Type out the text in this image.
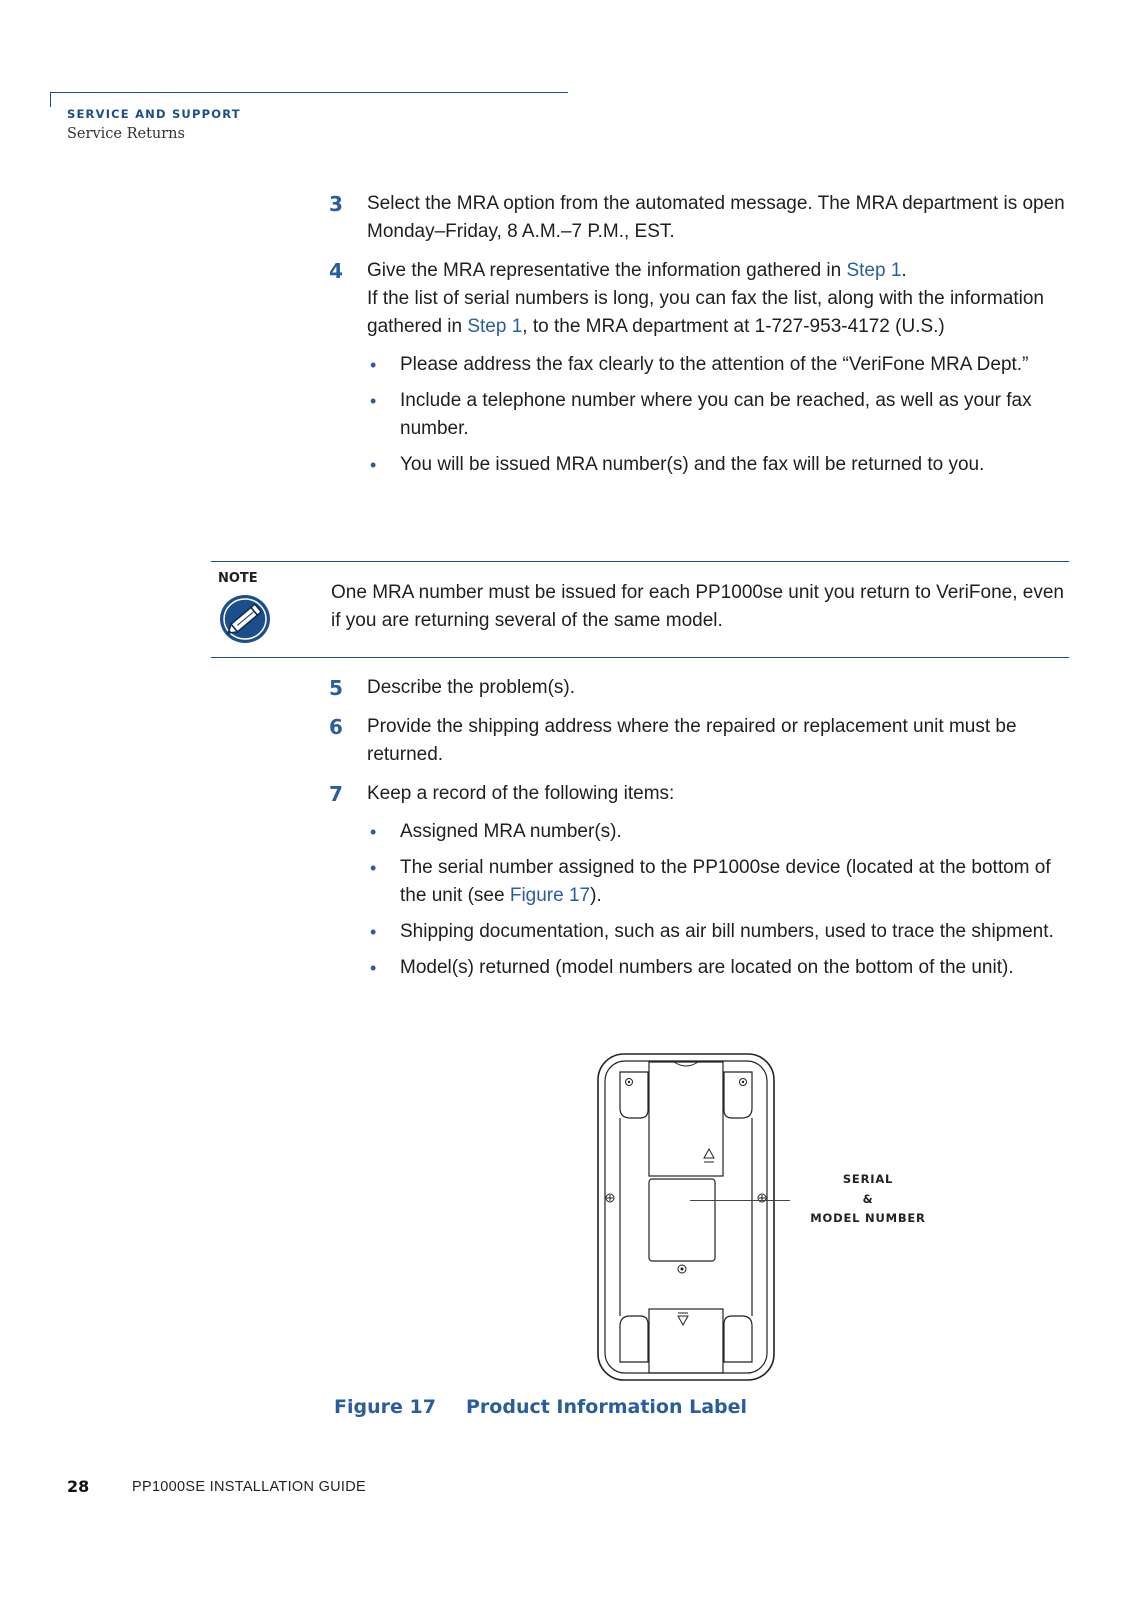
SERVICE AND SUPPORT

Service Returns

3 Select the MRA option from the automated message. The MRA department is open Monday–Friday, 8 A.M.–7 P.M., EST.
4 Give the MRA representative the information gathered in Step 1.
If the list of serial numbers is long, you can fax the list, along with the information gathered in Step 1, to the MRA department at 1-727-953-4172 (U.S.)
• Please address the fax clearly to the attention of the “VeriFone MRA Dept.”
• Include a telephone number where you can be reached, as well as your fax number.
• You will be issued MRA number(s) and the fax will be returned to you.
NOTE
One MRA number must be issued for each PP1000se unit you return to VeriFone, even if you are returning several of the same model.
5 Describe the problem(s).
6 Provide the shipping address where the repaired or replacement unit must be returned.
7 Keep a record of the following items:
• Assigned MRA number(s).
• The serial number assigned to the PP1000se device (located at the bottom of the unit (see Figure 17).
• Shipping documentation, such as air bill numbers, used to trace the shipment.
• Model(s) returned (model numbers are located on the bottom of the unit).
SERIAL
&
MODEL NUMBER
Figure 17 Product Information Label
28	PP1000SE INSTALLATION GUIDE
